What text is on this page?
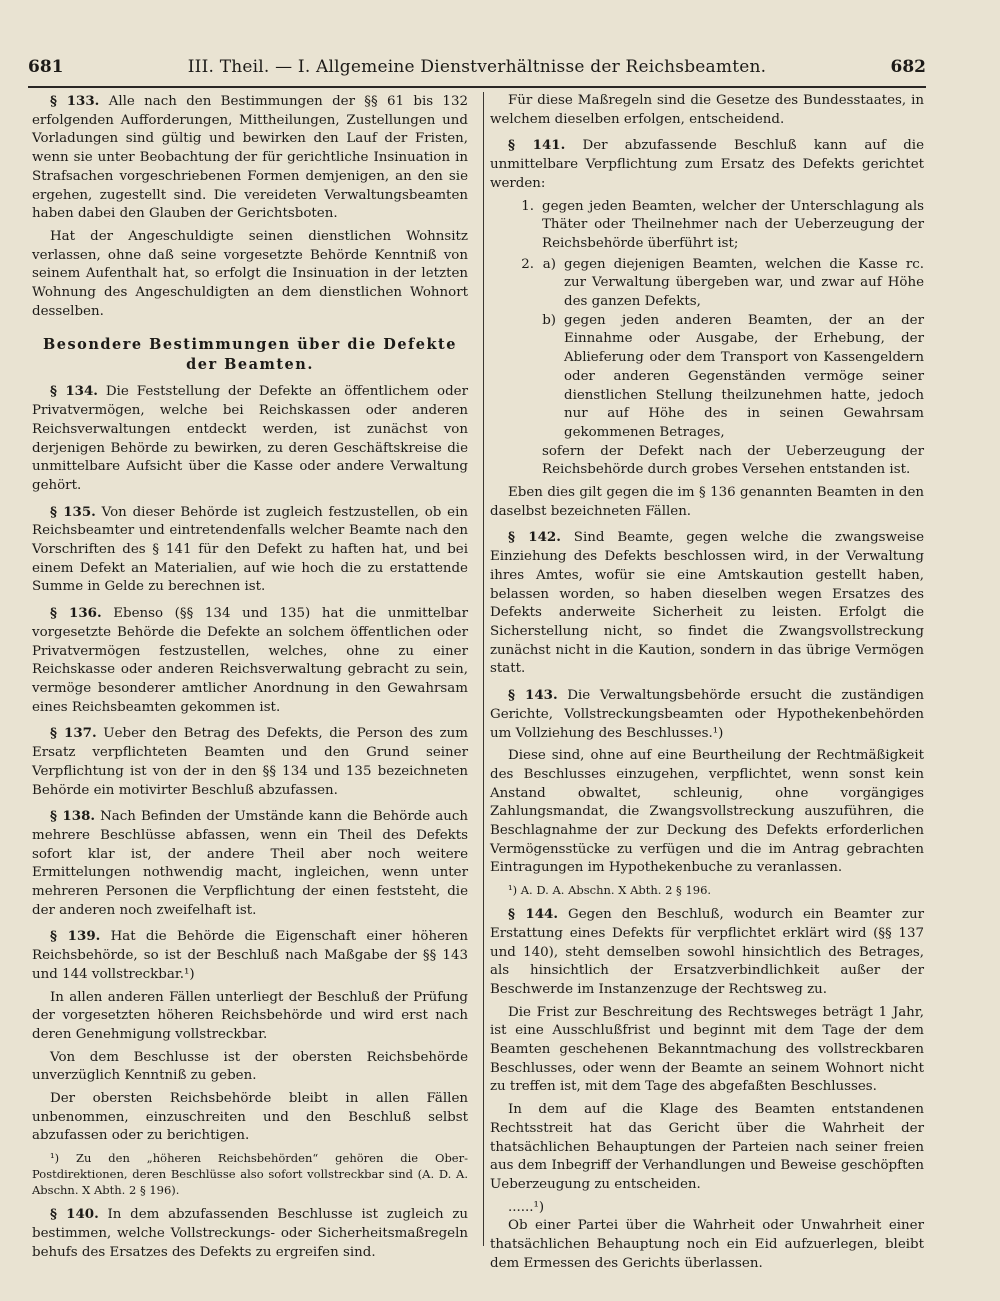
681	III. Theil. — I. Allgemeine Dienstverhältnisse der Reichsbeamten.	682

§ 133. Alle nach den Bestimmungen der §§ 61 bis 132 erfolgenden Aufforderungen, Mittheilungen, Zustellungen und Vorladungen sind gültig und bewirken den Lauf der Fristen, wenn sie unter Beobachtung der für gerichtliche Insinuation in Strafsachen vorgeschriebenen Formen demjenigen, an den sie ergehen, zugestellt sind. Die vereideten Verwaltungsbeamten haben dabei den Glauben der Gerichtsboten.

Hat der Angeschuldigte seinen dienstlichen Wohnsitz verlassen, ohne daß seine vorgesetzte Behörde Kenntniß von seinem Aufenthalt hat, so erfolgt die Insinuation in der letzten Wohnung des Angeschuldigten an dem dienstlichen Wohnort desselben.

Besondere Bestimmungen über die Defekte der Beamten.

§ 134. Die Feststellung der Defekte an öffentlichem oder Privatvermögen, welche bei Reichskassen oder anderen Reichsverwaltungen entdeckt werden, ist zunächst von derjenigen Behörde zu bewirken, zu deren Geschäftskreise die unmittelbare Aufsicht über die Kasse oder andere Verwaltung gehört.

§ 135. Von dieser Behörde ist zugleich festzustellen, ob ein Reichsbeamter und eintretendenfalls welcher Beamte nach den Vorschriften des § 141 für den Defekt zu haften hat, und bei einem Defekt an Materialien, auf wie hoch die zu erstattende Summe in Gelde zu berechnen ist.

§ 136. Ebenso (§§ 134 und 135) hat die unmittelbar vorgesetzte Behörde die Defekte an solchem öffentlichen oder Privatvermögen festzustellen, welches, ohne zu einer Reichskasse oder anderen Reichsverwaltung gebracht zu sein, vermöge besonderer amtlicher Anordnung in den Gewahrsam eines Reichsbeamten gekommen ist.

§ 137. Ueber den Betrag des Defekts, die Person des zum Ersatz verpflichteten Beamten und den Grund seiner Verpflichtung ist von der in den §§ 134 und 135 bezeichneten Behörde ein motivirter Beschluß abzufassen.

§ 138. Nach Befinden der Umstände kann die Behörde auch mehrere Beschlüsse abfassen, wenn ein Theil des Defekts sofort klar ist, der andere Theil aber noch weitere Ermittelungen nothwendig macht, ingleichen, wenn unter mehreren Personen die Verpflichtung der einen feststeht, die der anderen noch zweifelhaft ist.

§ 139. Hat die Behörde die Eigenschaft einer höheren Reichsbehörde, so ist der Beschluß nach Maßgabe der §§ 143 und 144 vollstreckbar.¹)

In allen anderen Fällen unterliegt der Beschluß der Prüfung der vorgesetzten höheren Reichsbehörde und wird erst nach deren Genehmigung vollstreckbar.

Von dem Beschlusse ist der obersten Reichsbehörde unverzüglich Kenntniß zu geben.

Der obersten Reichsbehörde bleibt in allen Fällen unbenommen, einzuschreiten und den Beschluß selbst abzufassen oder zu berichtigen.

¹) Zu den „höheren Reichsbehörden“ gehören die Ober-Postdirektionen, deren Beschlüsse also sofort vollstreckbar sind (A. D. A. Abschn. X Abth. 2 § 196).

§ 140. In dem abzufassenden Beschlusse ist zugleich zu bestimmen, welche Vollstreckungs- oder Sicherheitsmaßregeln behufs des Ersatzes des Defekts zu ergreifen sind.

Für diese Maßregeln sind die Gesetze des Bundesstaates, in welchem dieselben erfolgen, entscheidend.

§ 141. Der abzufassende Beschluß kann auf die unmittelbare Verpflichtung zum Ersatz des Defekts gerichtet werden:

1. gegen jeden Beamten, welcher der Unterschlagung als Thäter oder Theilnehmer nach der Ueberzeugung der Reichsbehörde überführt ist;
2. a) gegen diejenigen Beamten, welchen die Kasse rc. zur Verwaltung übergeben war, und zwar auf Höhe des ganzen Defekts,
b) gegen jeden anderen Beamten, der an der Einnahme oder Ausgabe, der Erhebung, der Ablieferung oder dem Transport von Kassengeldern oder anderen Gegenständen vermöge seiner dienstlichen Stellung theilzunehmen hatte, jedoch nur auf Höhe des in seinen Gewahrsam gekommenen Betrages,
sofern der Defekt nach der Ueberzeugung der Reichsbehörde durch grobes Versehen entstanden ist.

Eben dies gilt gegen die im § 136 genannten Beamten in den daselbst bezeichneten Fällen.

§ 142. Sind Beamte, gegen welche die zwangsweise Einziehung des Defekts beschlossen wird, in der Verwaltung ihres Amtes, wofür sie eine Amtskaution gestellt haben, belassen worden, so haben dieselben wegen Ersatzes des Defekts anderweite Sicherheit zu leisten. Erfolgt die Sicherstellung nicht, so findet die Zwangsvollstreckung zunächst nicht in die Kaution, sondern in das übrige Vermögen statt.

§ 143. Die Verwaltungsbehörde ersucht die zuständigen Gerichte, Vollstreckungsbeamten oder Hypothekenbehörden um Vollziehung des Beschlusses.¹)

Diese sind, ohne auf eine Beurtheilung der Rechtmäßigkeit des Beschlusses einzugehen, verpflichtet, wenn sonst kein Anstand obwaltet, schleunig, ohne vorgängiges Zahlungsmandat, die Zwangsvollstreckung auszuführen, die Beschlagnahme der zur Deckung des Defekts erforderlichen Vermögensstücke zu verfügen und die im Antrag gebrachten Eintragungen im Hypothekenbuche zu veranlassen.

¹) A. D. A. Abschn. X Abth. 2 § 196.

§ 144. Gegen den Beschluß, wodurch ein Beamter zur Erstattung eines Defekts für verpflichtet erklärt wird (§§ 137 und 140), steht demselben sowohl hinsichtlich des Betrages, als hinsichtlich der Ersatzverbindlichkeit außer der Beschwerde im Instanzenzuge der Rechtsweg zu.

Die Frist zur Beschreitung des Rechtsweges beträgt 1 Jahr, ist eine Ausschlußfrist und beginnt mit dem Tage der dem Beamten geschehenen Bekanntmachung des vollstreckbaren Beschlusses, oder wenn der Beamte an seinem Wohnort nicht zu treffen ist, mit dem Tage des abgefaßten Beschlusses.

In dem auf die Klage des Beamten entstandenen Rechtsstreit hat das Gericht über die Wahrheit der thatsächlichen Behauptungen der Parteien nach seiner freien aus dem Inbegriff der Verhandlungen und Beweise geschöpften Ueberzeugung zu entscheiden.

......¹)

Ob einer Partei über die Wahrheit oder Unwahrheit einer thatsächlichen Behauptung noch ein Eid aufzuerlegen, bleibt dem Ermessen des Gerichts überlassen.
